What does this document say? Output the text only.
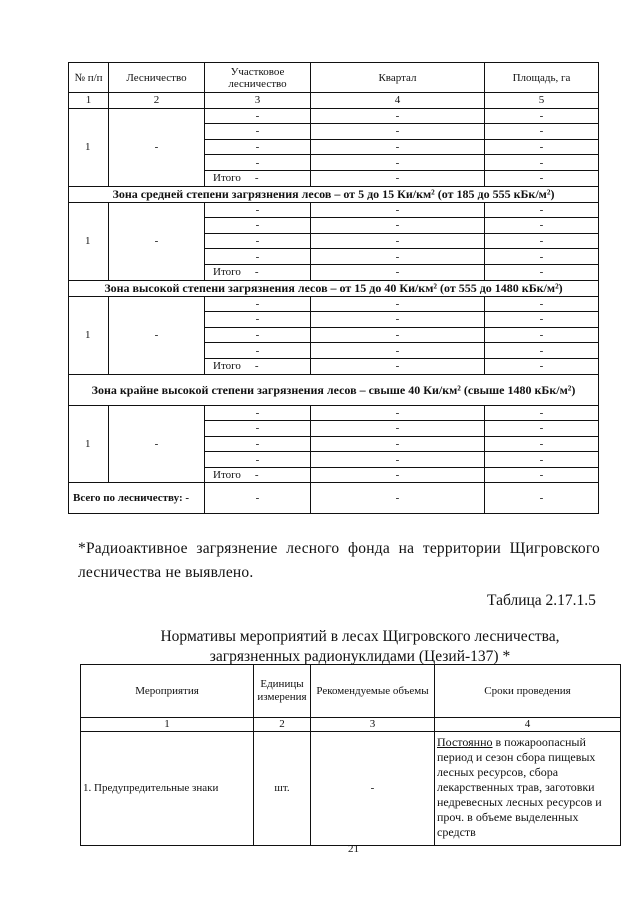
№ п/п	Лесничество	Участковое лесничество	Квартал	Площадь, га
1	2	3	4	5
1	-	-	-	-
		-	-	-
		-	-	-
		-	-	-
		Итого -	-	-
Зона средней степени загрязнения лесов – от 5 до 15 Ки/км² (от 185 до 555 кБк/м²)				
1	-	-	-	-
		-	-	-
		-	-	-
		-	-	-
		Итого -	-	-
Зона высокой степени загрязнения лесов – от 15 до 40 Ки/км² (от 555 до 1480 кБк/м²)				
1	-	-	-	-
		-	-	-
		-	-	-
		-	-	-
		Итого -	-	-
Зона крайне высокой степени загрязнения лесов – свыше 40 Ки/км² (свыше 1480 кБк/м²)				
1	-	-	-	-
		-	-	-
		-	-	-
		-	-	-
		Итого -	-	-
Всего по лесничеству: -		-	-	-
*Радиоактивное загрязнение лесного фонда на территории Щигровского лесничества не выявлено.
Таблица 2.17.1.5
Нормативы мероприятий в лесах Щигровского лесничества, загрязненных радионуклидами (Цезий-137) *
Мероприятия	Единицы измерения	Рекомендуемые объемы	Сроки проведения
1	2	3	4
1. Предупредительные знаки	шт.	-	Постоянно в пожароопасный период и сезон сбора пищевых лесных ресурсов, сбора лекарственных трав, заготовки недревесных лесных ресурсов и проч. в объеме выделенных средств
21
